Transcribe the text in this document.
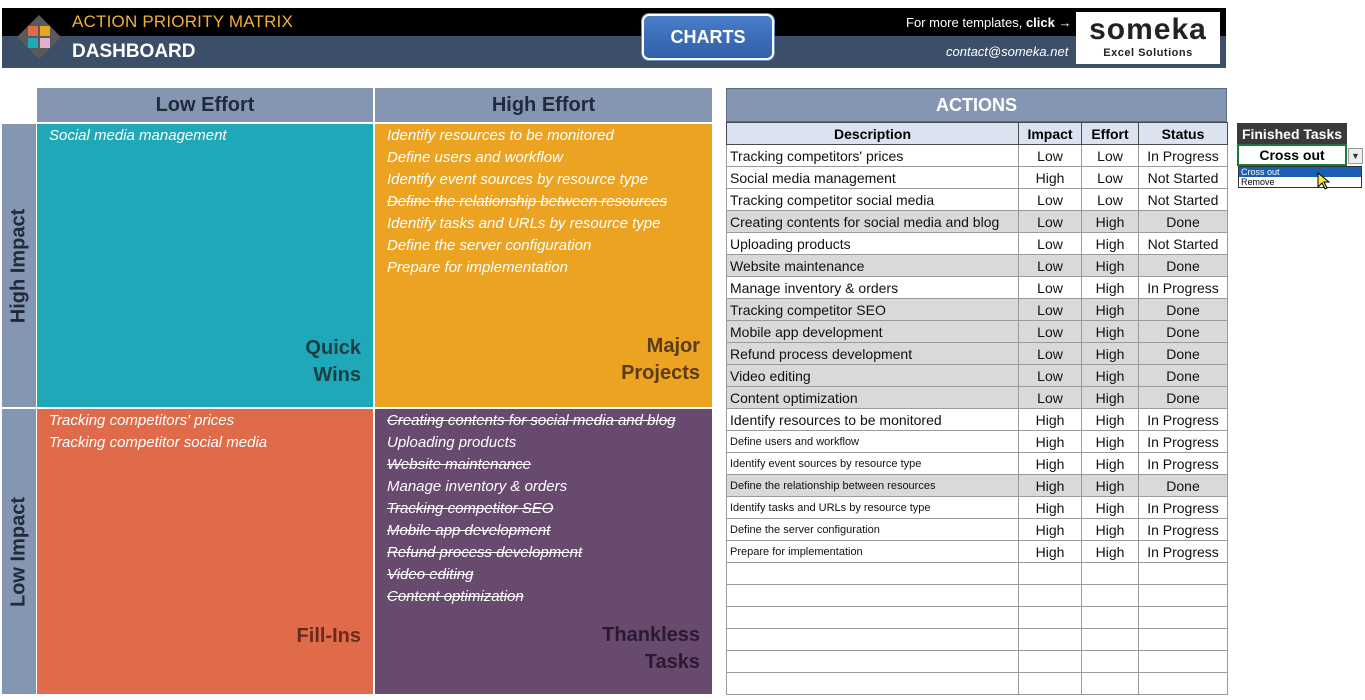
ACTION PRIORITY MATRIX
DASHBOARD
CHARTS
For more templates, click →
contact@someka.net
someka
Excel Solutions
Low Effort	High Effort
High Impact
Low Impact
Social media management
Quick
Wins
Identify resources to be monitored
Define users and workflow
Identify event sources by resource type
Define the relationship between resources
Identify tasks and URLs by resource type
Define the server configuration
Prepare for implementation
Major
Projects
Tracking competitors' prices
Tracking competitor social media
Fill-Ins
Creating contents for social media and blog
Uploading products
Website maintenance
Manage inventory & orders
Tracking competitor SEO
Mobile app development
Refund process development
Video editing
Content optimization
Thankless
Tasks
ACTIONS
Description	Impact	Effort	Status
Tracking competitors' prices	Low	Low	In Progress
Social media management	High	Low	Not Started
Tracking competitor social media	Low	Low	Not Started
Creating contents for social media and blog	Low	High	Done
Uploading products	Low	High	Not Started
Website maintenance	Low	High	Done
Manage inventory & orders	Low	High	In Progress
Tracking competitor SEO	Low	High	Done
Mobile app development	Low	High	Done
Refund process development	Low	High	Done
Video editing	Low	High	Done
Content optimization	Low	High	Done
Identify resources to be monitored	High	High	In Progress
Define users and workflow	High	High	In Progress
Identify event sources by resource type	High	High	In Progress
Define the relationship between resources	High	High	Done
Identify tasks and URLs by resource type	High	High	In Progress
Define the server configuration	High	High	In Progress
Prepare for implementation	High	High	In Progress

Finished Tasks
Cross out	▼
Cross out
Remove
